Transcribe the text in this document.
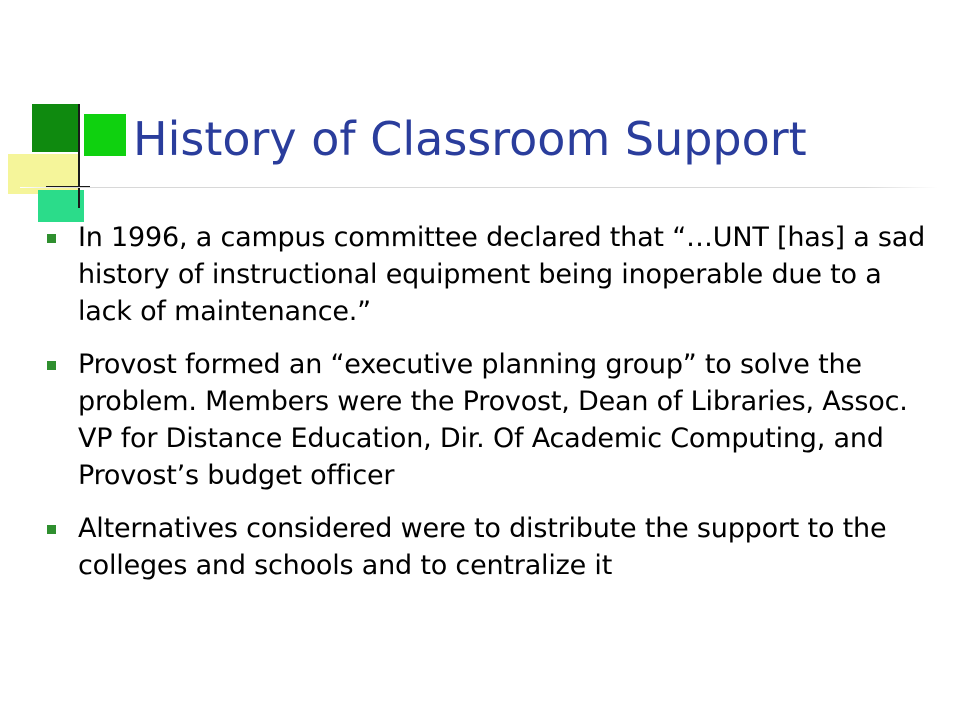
History of Classroom Support
In 1996, a campus committee declared that “…UNT [has] a sad history of instructional equipment being inoperable due to a lack of maintenance.”
Provost formed an “executive planning group” to solve the problem. Members were the Provost, Dean of Libraries, Assoc. VP for Distance Education, Dir. Of Academic Computing, and Provost’s budget officer
Alternatives considered were to distribute the support to the colleges and schools and to centralize it
